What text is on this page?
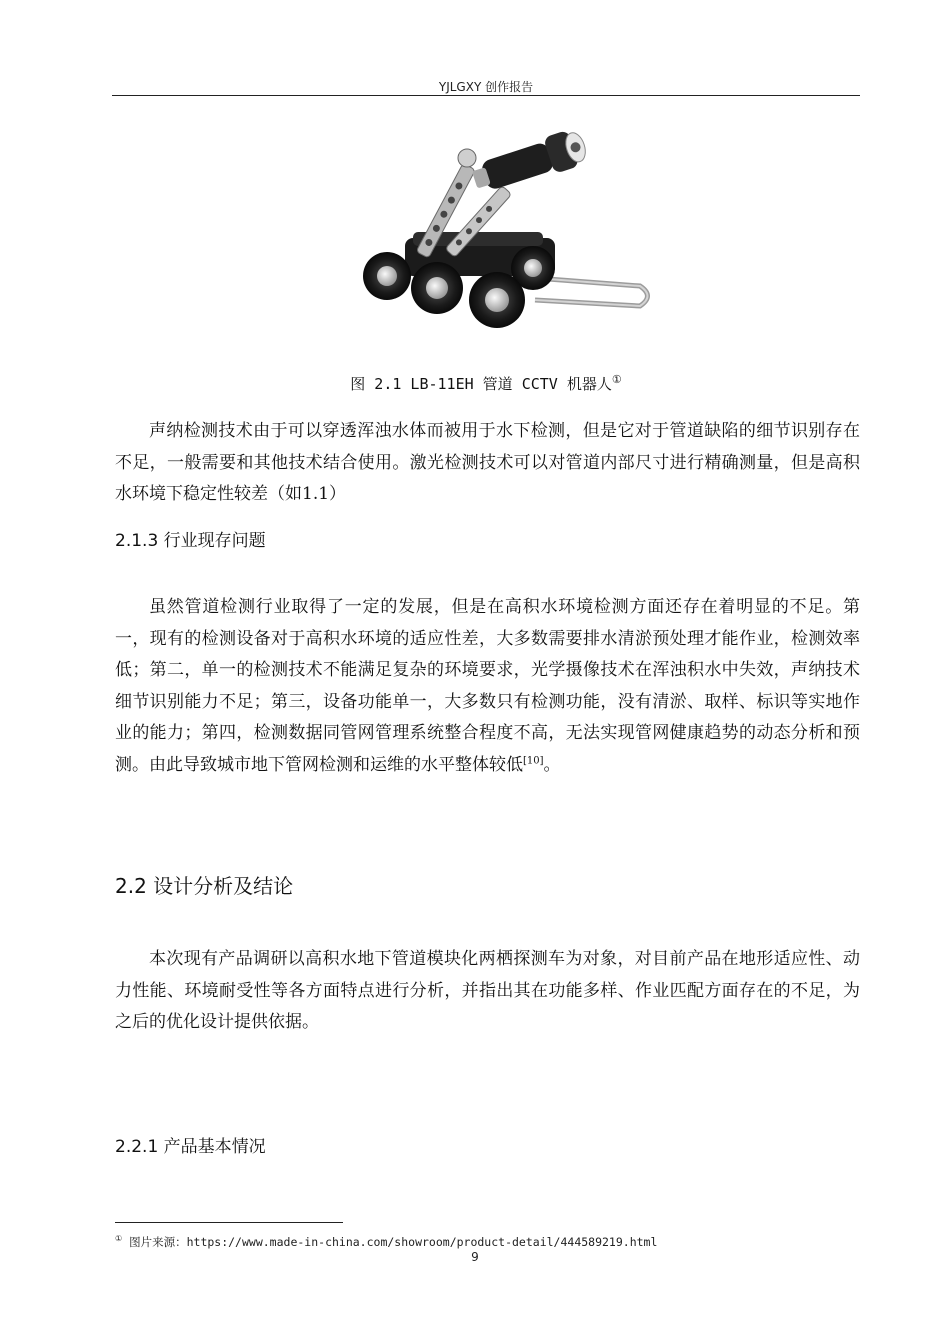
YJLGXY 创作报告
图 2.1 LB-11EH 管道 CCTV 机器人①

声纳检测技术由于可以穿透浑浊水体而被用于水下检测，但是它对于管道缺陷的细节识别存在不足，一般需要和其他技术结合使用。激光检测技术可以对管道内部尺寸进行精确测量，但是高积水环境下稳定性较差（如1.1）

2.1.3 行业现存问题

虽然管道检测行业取得了一定的发展，但是在高积水环境检测方面还存在着明显的不足。第一，现有的检测设备对于高积水环境的适应性差，大多数需要排水清淤预处理才能作业，检测效率低；第二，单一的检测技术不能满足复杂的环境要求，光学摄像技术在浑浊积水中失效，声纳技术细节识别能力不足；第三，设备功能单一，大多数只有检测功能，没有清淤、取样、标识等实地作业的能力；第四，检测数据同管网管理系统整合程度不高，无法实现管网健康趋势的动态分析和预测。由此导致城市地下管网检测和运维的水平整体较低[10]。

2.2 设计分析及结论

本次现有产品调研以高积水地下管道模块化两栖探测车为对象，对目前产品在地形适应性、动力性能、环境耐受性等各方面特点进行分析，并指出其在功能多样、作业匹配方面存在的不足，为之后的优化设计提供依据。

2.2.1 产品基本情况
① 图片来源：https://www.made-in-china.com/showroom/product-detail/444589219.html
9
